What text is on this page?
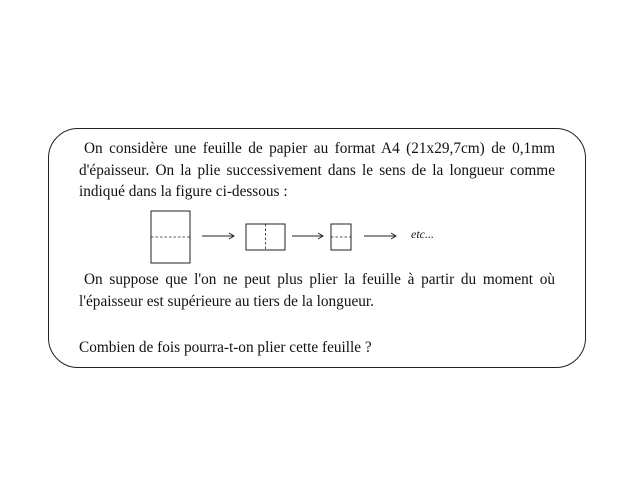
On considère une feuille de papier au format A4 (21x29,7cm) de 0,1mm d'épaisseur. On la plie successivement dans le sens de la longueur comme indiqué dans la figure ci-dessous :

etc...

On suppose que l'on ne peut plus plier la feuille à partir du moment où l'épaisseur est supérieure au tiers de la longueur.

Combien de fois pourra-t-on plier cette feuille ?
